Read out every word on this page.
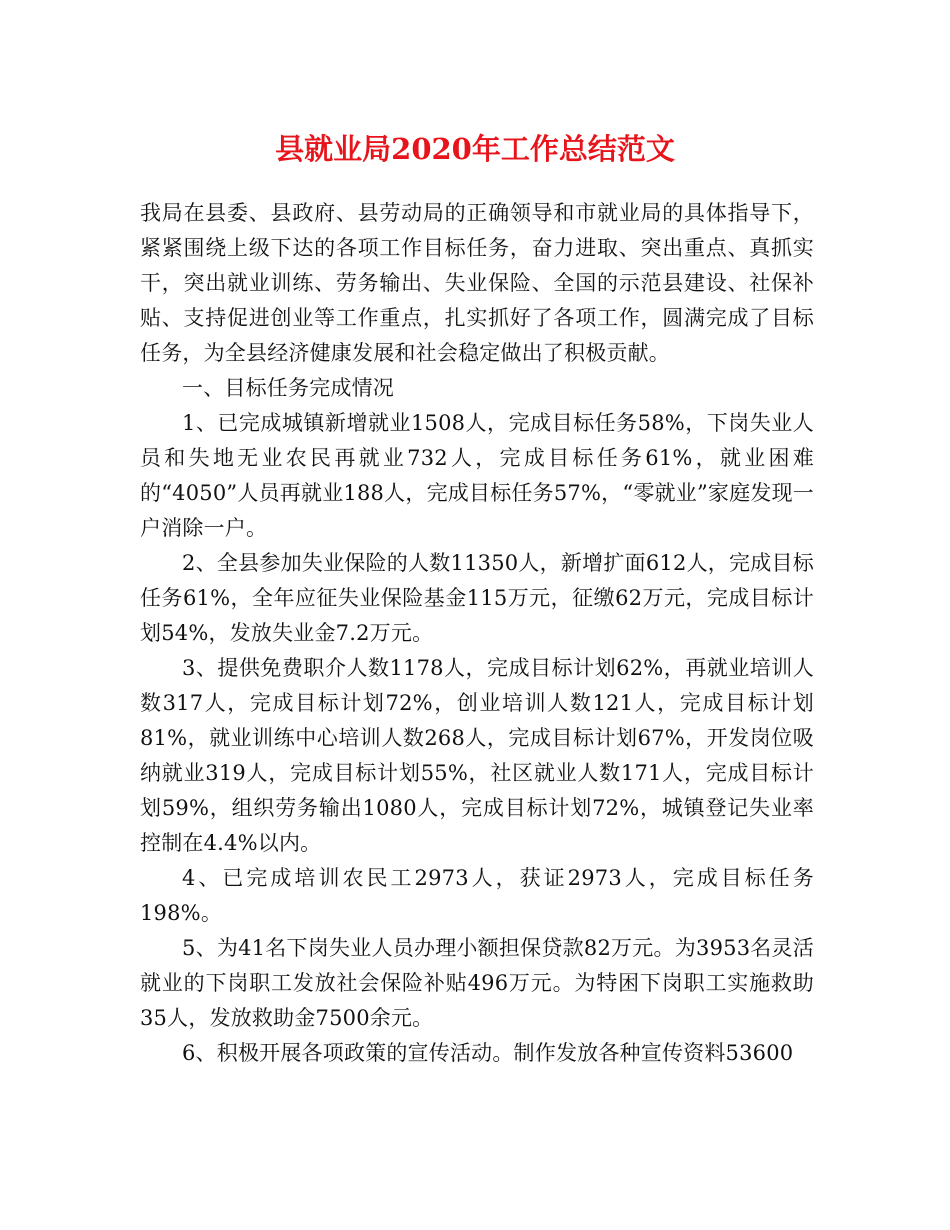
县就业局2020年工作总结范文

我局在县委、县政府、县劳动局的正确领导和市就业局的具体指导下，紧紧围绕上级下达的各项工作目标任务，奋力进取、突出重点、真抓实干，突出就业训练、劳务输出、失业保险、全国的示范县建设、社保补贴、支持促进创业等工作重点，扎实抓好了各项工作，圆满完成了目标任务，为全县经济健康发展和社会稳定做出了积极贡献。

一、目标任务完成情况

1、已完成城镇新增就业1508人，完成目标任务58%，下岗失业人员和失地无业农民再就业732人，完成目标任务61%，就业困难的“4050”人员再就业188人，完成目标任务57%，“零就业”家庭发现一户消除一户。

2、全县参加失业保险的人数11350人，新增扩面612人，完成目标任务61%，全年应征失业保险基金115万元，征缴62万元，完成目标计划54%，发放失业金7.2万元。

3、提供免费职介人数1178人，完成目标计划62%，再就业培训人数317人，完成目标计划72%，创业培训人数121人，完成目标计划81%，就业训练中心培训人数268人，完成目标计划67%，开发岗位吸纳就业319人，完成目标计划55%，社区就业人数171人，完成目标计划59%，组织劳务输出1080人，完成目标计划72%，城镇登记失业率控制在4.4%以内。

4、已完成培训农民工2973人，获证2973人，完成目标任务198%。

5、为41名下岗失业人员办理小额担保贷款82万元。为3953名灵活就业的下岗职工发放社会保险补贴496万元。为特困下岗职工实施救助35人，发放救助金7500余元。

6、积极开展各项政策的宣传活动。制作发放各种宣传资料53600
